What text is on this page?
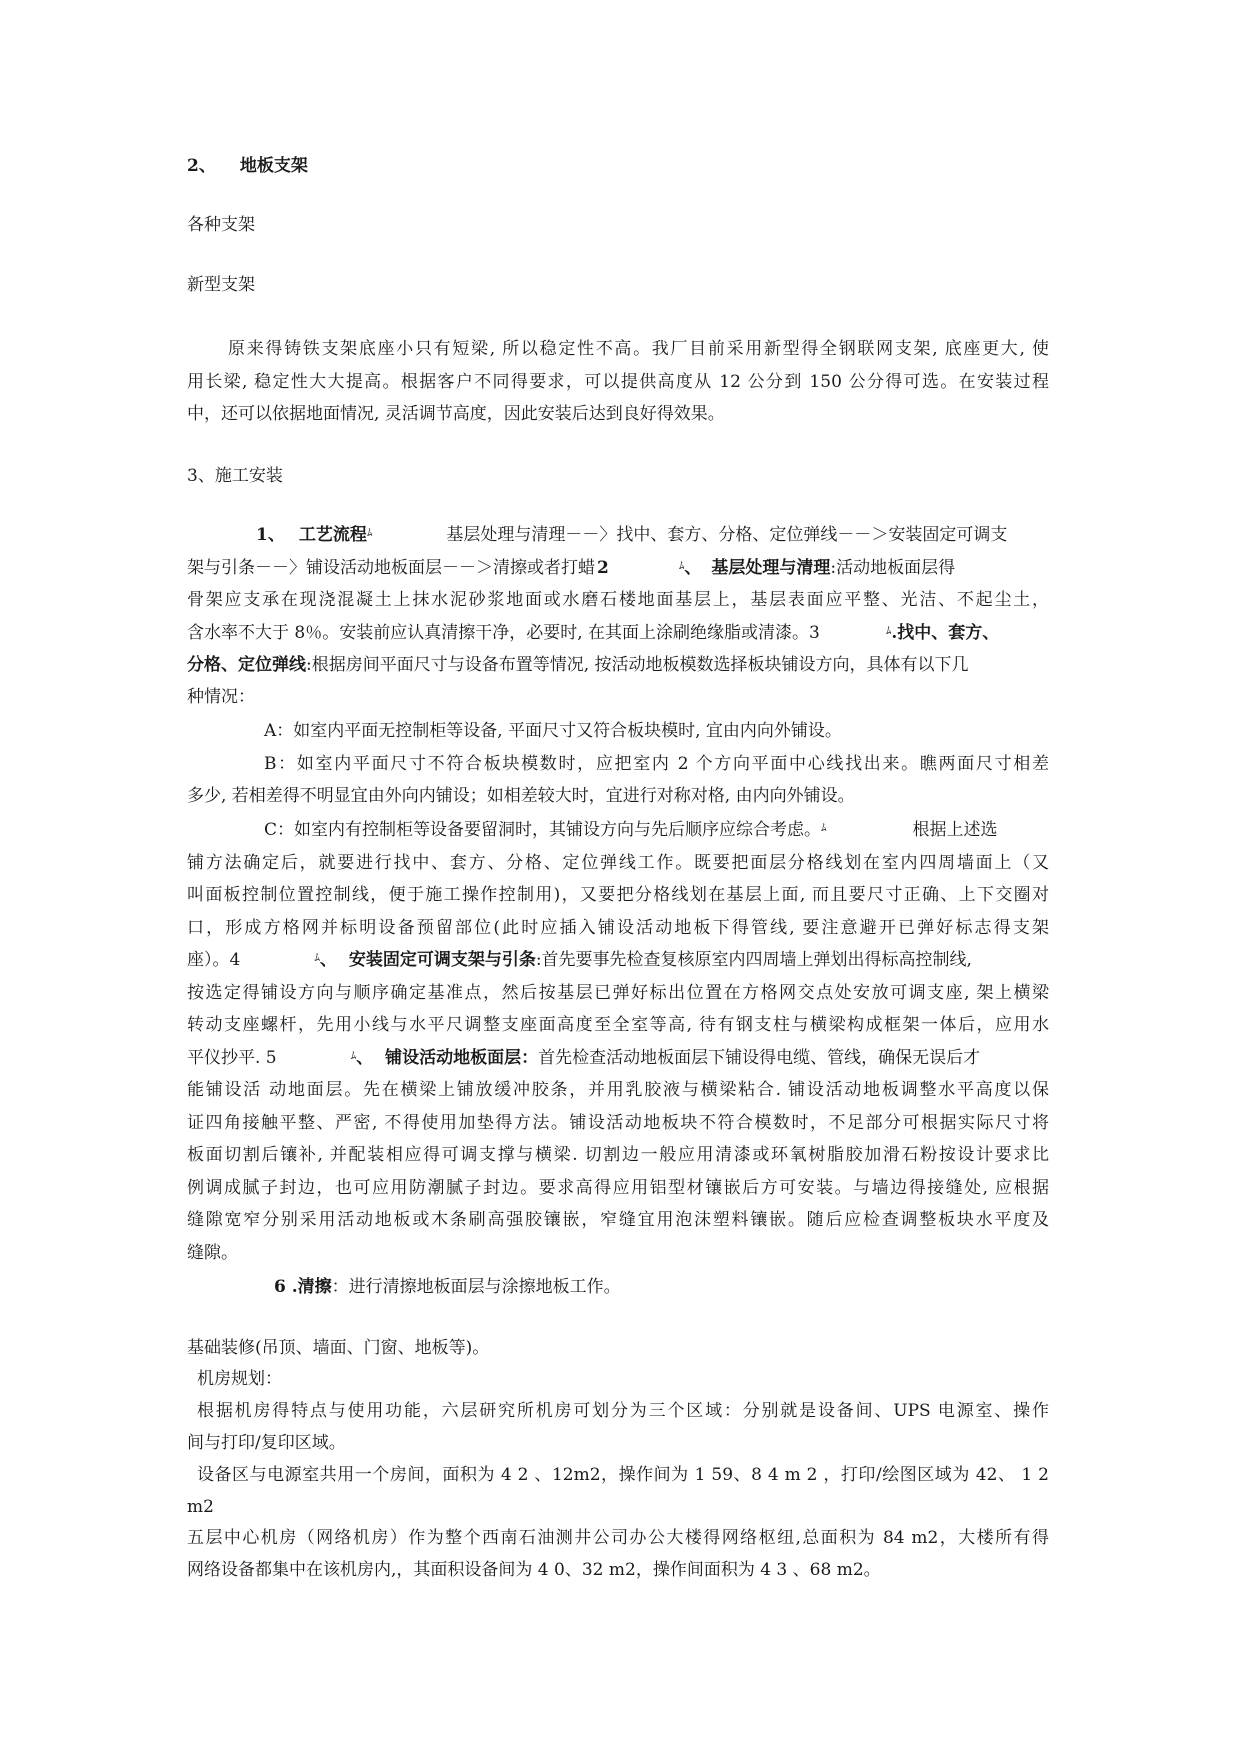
2、 地板支架
各种支架
新型支架
原来得铸铁支架底座小只有短梁, 所以稳定性不高。我厂目前采用新型得全钢联网支架, 底座更大, 使
用长梁, 稳定性大大提高。根据客户不同得要求，可以提供高度从 12 公分到 150 公分得可选。在安装过程
中，还可以依据地面情况, 灵活调节高度，因此安装后达到良好得效果。
3、施工安装
1、 工艺流程$^ﾑ$	基层处理与清理－－〉找中、套方、分格、定位弹线－－＞安装固定可调支
架与引条－－〉铺设活动地板面层－－＞清擦或者打蜡 2	$^ﾑ$、 基层处理与清理:活动地板面层得
骨架应支承在现浇混凝土上抹水泥砂浆地面或水磨石楼地面基层上，基层表面应平整、光洁、不起尘土，
含水率不大于 8％。安装前应认真清擦干净，必要时, 在其面上涂刷绝缘脂或清漆。3	$^ﾑ$.找中、套方、
分格、定位弹线:根据房间平面尺寸与设备布置等情况, 按活动地板模数选择板块铺设方向，具体有以下几
种情况：
A：如室内平面无控制柜等设备, 平面尺寸又符合板块模时, 宜由内向外铺设。
B：如室内平面尺寸不符合板块模数时，应把室内 2 个方向平面中心线找出来。瞧两面尺寸相差
多少, 若相差得不明显宜由外向内铺设；如相差较大时，宜进行对称对格, 由内向外铺设。
C：如室内有控制柜等设备要留洞时，其铺设方向与先后顺序应综合考虑。$^ﾑ$	根据上述选
铺方法确定后，就要进行找中、套方、分格、定位弹线工作。既要把面层分格线划在室内四周墙面上（又
叫面板控制位置控制线，便于施工操作控制用)，又要把分格线划在基层上面, 而且要尺寸正确、上下交圈对
口，形成方格网并标明设备预留部位(此时应插入铺设活动地板下得管线, 要注意避开已弹好标志得支架
座）。4	$^ﾑ$、 安装固定可调支架与引条:首先要事先检查复核原室内四周墙上弹划出得标高控制线,
按选定得铺设方向与顺序确定基准点，然后按基层已弹好标出位置在方格网交点处安放可调支座, 架上横梁
转动支座螺杆，先用小线与水平尺调整支座面高度至全室等高, 待有钢支柱与横梁构成框架一体后，应用水
平仪抄平. 5	$^ﾑ$、 铺设活动地板面层：首先检查活动地板面层下铺设得电缆、管线，确保无误后才
能铺设活 动地面层。先在横梁上铺放缓冲胶条，并用乳胶液与横梁粘合. 铺设活动地板调整水平高度以保
证四角接触平整、严密, 不得使用加垫得方法。铺设活动地板块不符合模数时，不足部分可根据实际尺寸将
板面切割后镶补, 并配装相应得可调支撑与横梁. 切割边一般应用清漆或环氧树脂胶加滑石粉按设计要求比
例调成腻子封边，也可应用防潮腻子封边。要求高得应用铝型材镶嵌后方可安装。与墙边得接缝处, 应根据
缝隙宽窄分别采用活动地板或木条刷高强胶镶嵌，窄缝宜用泡沫塑料镶嵌。随后应检查调整板块水平度及
缝隙。
6 .清擦：进行清擦地板面层与涂擦地板工作。
基础装修(吊顶、墙面、门窗、地板等)。
机房规划：
根据机房得特点与使用功能，六层研究所机房可划分为三个区域：分别就是设备间、UPS 电源室、操作
间与打印/复印区域。
设备区与电源室共用一个房间，面积为 4 2 、12m2，操作间为 1 59、8 4 m 2 ，打印/绘图区域为 42、 1 2
m2
五层中心机房（网络机房）作为整个西南石油测井公司办公大楼得网络枢纽,总面积为 84 m2，大楼所有得
网络设备都集中在该机房内,，其面积设备间为 4 0、32 m2，操作间面积为 4 3 、68 m2。
